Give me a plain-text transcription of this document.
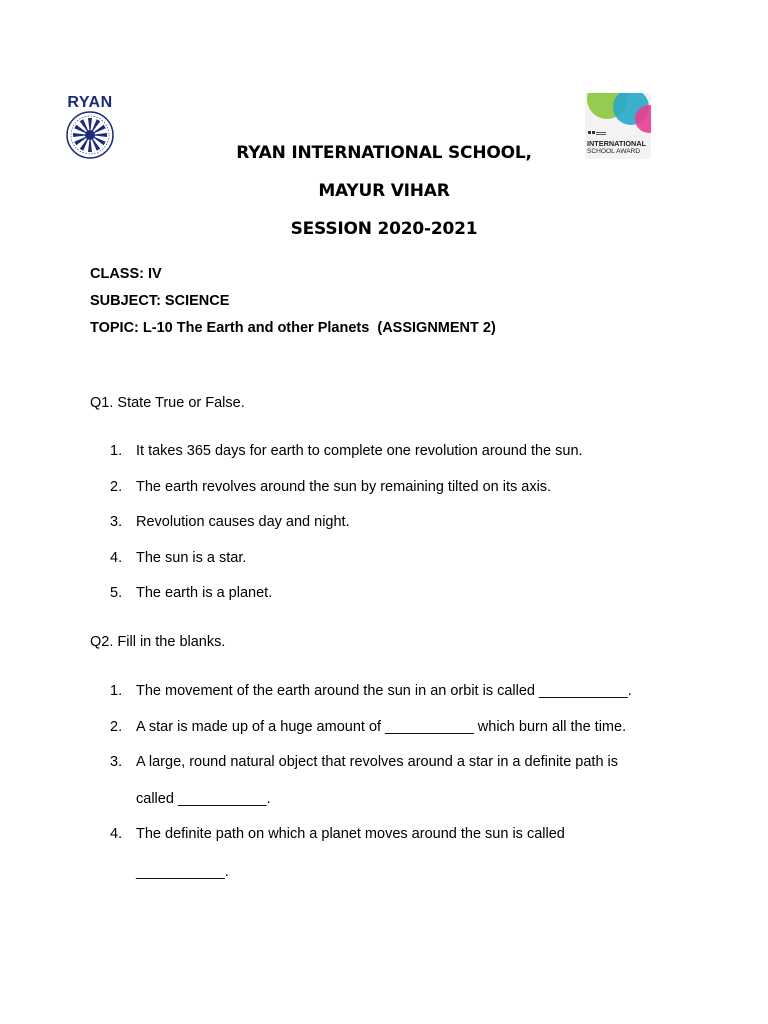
RYAN
INTERNATIONAL
SCHOOL AWARD
RYAN INTERNATIONAL SCHOOL,
MAYUR VIHAR
SESSION 2020-2021
CLASS: IV
SUBJECT: SCIENCE
TOPIC: L-10 The Earth and other Planets  (ASSIGNMENT 2)
Q1. State True or False.
1. It takes 365 days for earth to complete one revolution around the sun.
2. The earth revolves around the sun by remaining tilted on its axis.
3. Revolution causes day and night.
4. The sun is a star.
5. The earth is a planet.
Q2. Fill in the blanks.
1. The movement of the earth around the sun in an orbit is called ___________.
2. A star is made up of a huge amount of ___________ which burn all the time.
3. A large, round natural object that revolves around a star in a definite path is
called ___________.
4. The definite path on which a planet moves around the sun is called
___________.
